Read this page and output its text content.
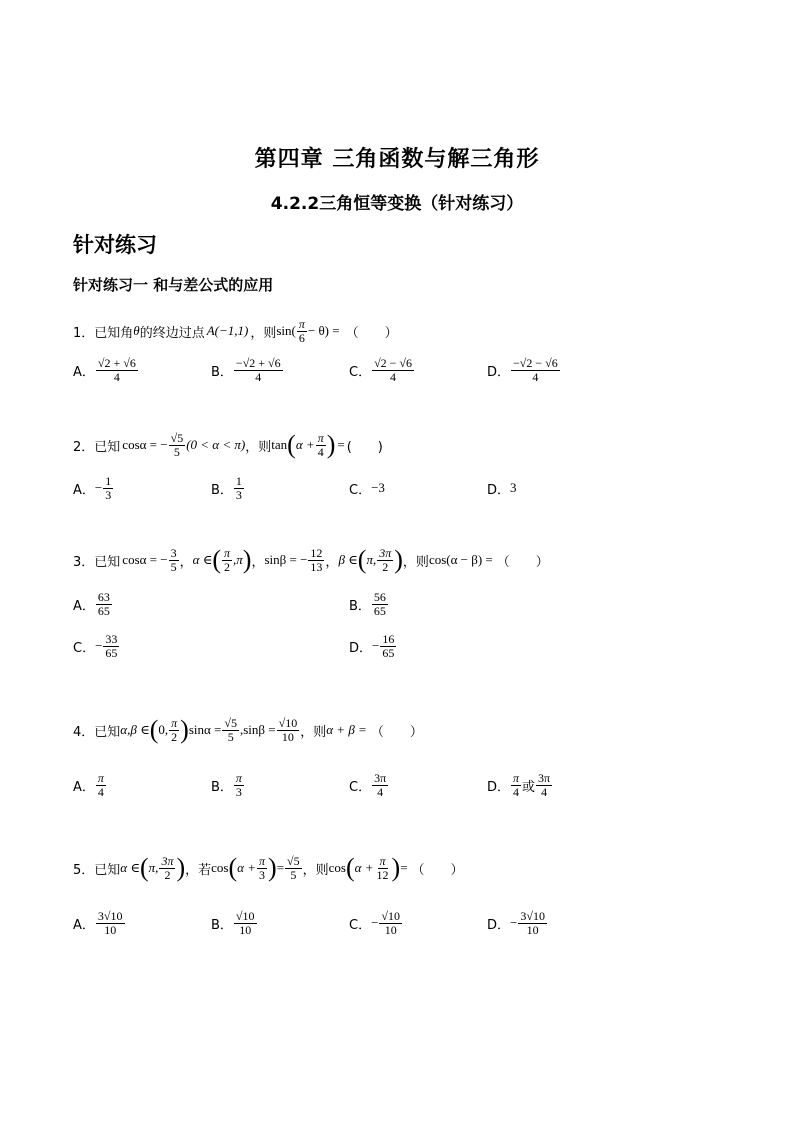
第四章 三角函数与解三角形
4.2.2三角恒等变换（针对练习）
针对练习
针对练习一 和与差公式的应用
1． 已知角 θ 的终边过点 A(−1,1) ，则 $\sin( \frac{\pi}{6} - \theta)$ = （　　）
A． $\frac{√2 + √6}{4}$	B． $\frac{-√2 + √6}{4}$	C． $\frac{√2 - √6}{4}$	D． $\frac{-√2 - √6}{4}$
2． 已知 cosα = − $\frac{√5}{5} (0 < \alpha < \pi)$ ，则 tan ( $\alpha + \frac{\pi}{4}$ ) = (　　)
A． − $\frac{1}{3}$	B． $\frac{1}{3}$	C． −3	D． 3
3． 已知 cosα = − $\frac{3}{5}$ ， α ∈ ( $\frac{\pi}{2} ,\pi$ ) ， sinβ = − $\frac{12}{13}$ ， β ∈ ( π, $\frac{3\pi}{2}$ ) ，则 cos(α − β) = （　　）
A． $\frac{63}{65}$	B． $\frac{56}{65}$
C． − $\frac{33}{65}$	D． − $\frac{16}{65}$
4． 已知 α,β ∈ ( 0, $\frac{\pi}{2}$ ) $\sin\alpha = \frac{√5}{5} ,\sin\beta = \frac{√10}{10}$ ，则 α + β = （　　）
A． $\frac{\pi}{4}$	B． $\frac{\pi}{3}$	C． $\frac{3\pi}{4}$	D． $\frac{\pi}{4}$ 或 $\frac{3\pi}{4}$
5． 已知 α ∈ ( π, $\frac{3\pi}{2}$ ) ，若 cos ( $\alpha + \frac{\pi}{3}$ ) = $\frac{√5}{5}$ ，则 cos ( $\alpha + \frac{\pi}{12}$ ) = （　　）
A． $\frac{3√10}{10}$	B． $\frac{√10}{10}$	C． − $\frac{√10}{10}$	D． − $\frac{3√10}{10}$
